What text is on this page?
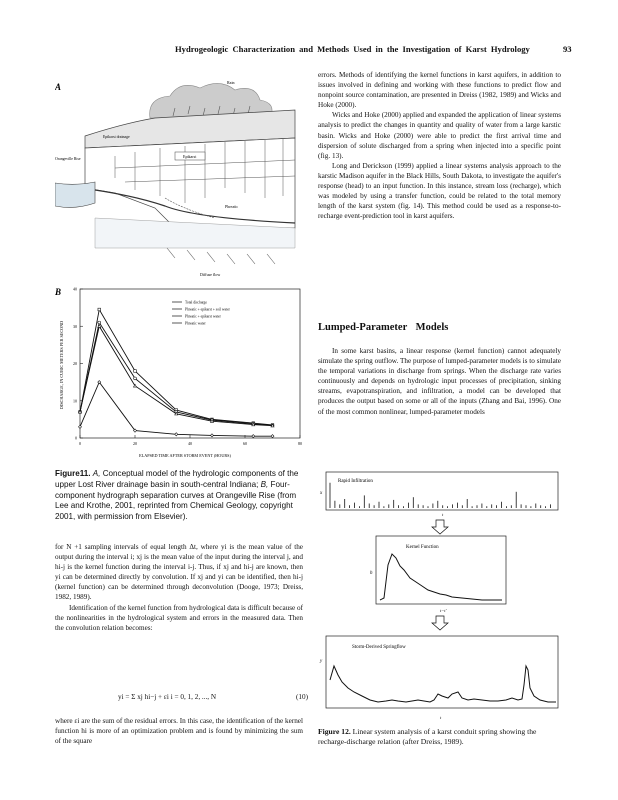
Hydrogeologic Characterization and Methods Used in the Investigation of Karst Hydrology	93
A	Rain
Epikarst
Epikarst drainage
Orangeville Rise
Phreatic
Diffuse flow
B
ELAPSED TIME AFTER STORM EVENT (HOURS)
DISCHARGE, IN CUBIC METERS PER SECOND
0	20	40	60	80
0
10
20
30
40
Total discharge
Phreatic + epikarst + soil water
Phreatic + epikarst water
Phreatic water
Figure11. A, Conceptual model of the hydrologic components of the upper Lost River drainage basin in south-central Indiana; B, Four-component hydrograph separation curves at Orangeville Rise (from Lee and Krothe, 2001, reprinted from Chemical Geology, copyright 2001, with permission from Elsevier).

for N +1 sampling intervals of equal length Δt, where yi is the mean value of the output during the interval i; xj is the mean value of the input during the interval j, and hi-j is the kernel function during the interval i-j. Thus, if xj and hi-j are known, then yi can be determined directly by convolution. If xj and yi can be identified, then hi-j (kernel function) can be determined through deconvolution (Dooge, 1973; Dreiss, 1982, 1989).

Identification of the kernel function from hydrological data is difficult because of the nonlinearities in the hydrological system and errors in the measured data. Then the convolution relation becomes:

yi = Σ xj hi−j + εi i = 0, 1, 2, ..., N	(10)

where εi are the sum of the residual errors. In this case, the identification of the kernel function hi is more of an optimization problem and is found by minimizing the sum of the square

errors. Methods of identifying the kernel functions in karst aquifers, in addition to issues involved in defining and working with these functions to predict flow and nonpoint source contamination, are presented in Dreiss (1982, 1989) and Wicks and Hoke (2000).

Wicks and Hoke (2000) applied and expanded the application of linear systems analysis to predict the changes in quantity and quality of water from a large karstic basin. Wicks and Hoke (2000) were able to predict the first arrival time and dispersion of solute discharged from a spring when injected into a specific point (fig. 13).

Long and Derickson (1999) applied a linear systems analysis approach to the karstic Madison aquifer in the Black Hills, South Dakota, to investigate the aquifer's response (head) to an input function. In this instance, stream loss (recharge), which was modeled by using a transfer function, could be related to the total memory length of the karst system (fig. 14). This method could be used as a response-to-recharge event-prediction tool in karst aquifers.

Lumped-Parameter Models

In some karst basins, a linear response (kernel function) cannot adequately simulate the spring outflow. The purpose of lumped-parameter models is to simulate the temporal variations in discharge from springs. When the discharge rate varies continuously and depends on hydrologic input processes of precipitation, sinking streams, evapotranspiration, and infiltration, a model can be developed that produces the output based on some or all of the inputs (Zhang and Bai, 1996). One of the most common nonlinear, lumped-parameter models

Rapid Infiltration
x
t
Kernel Function
h
t−t′
Storm-Derived Springflow
y
t
Figure 12. Linear system analysis of a karst conduit spring showing the recharge-discharge relation (after Dreiss, 1989).
